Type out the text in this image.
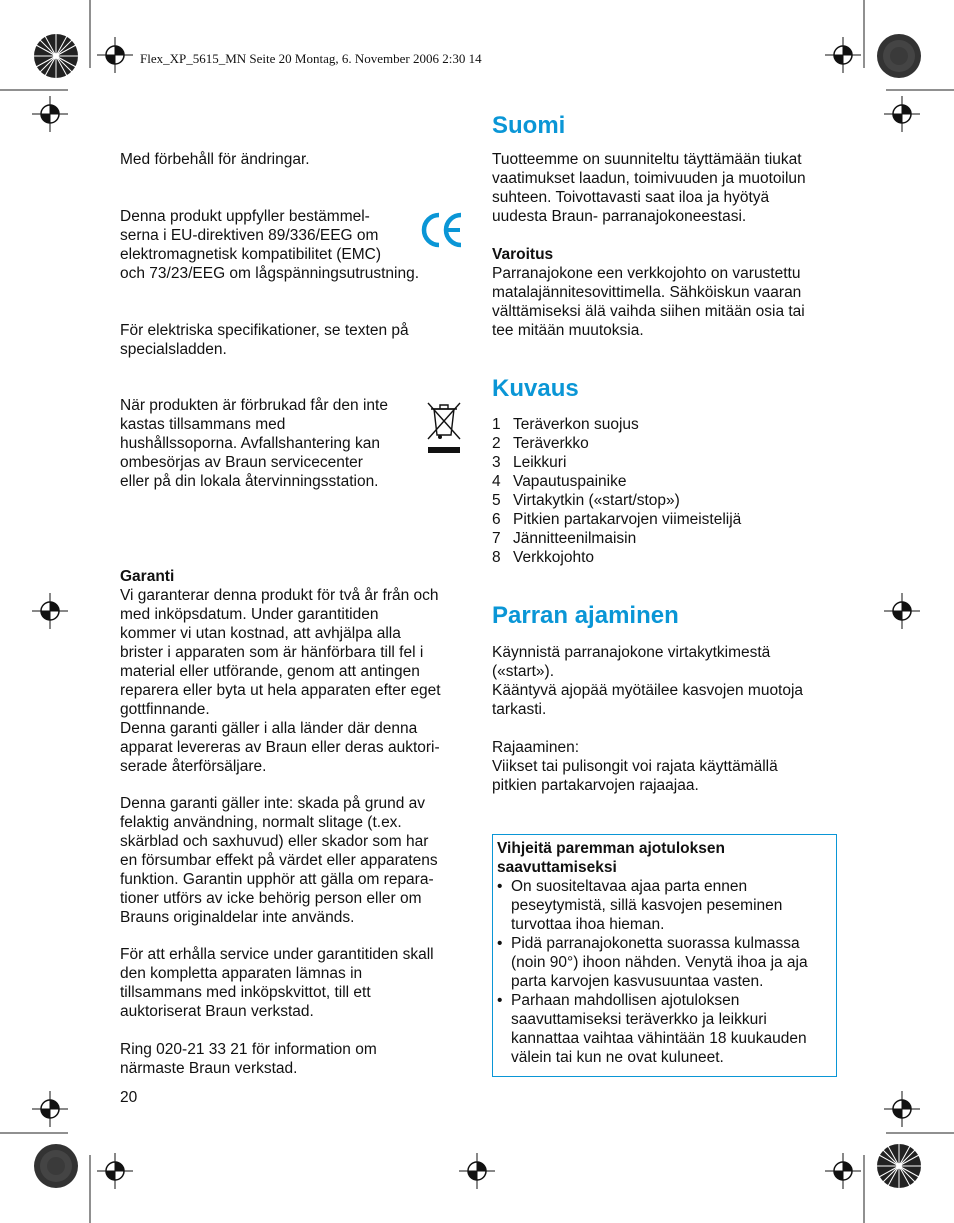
Flex_XP_5615_MN Seite 20 Montag, 6. November 2006 2:30 14

Med förbehåll för ändringar.

Denna produkt uppfyller bestämmel-
serna i EU-direktiven 89/336/EEG om
elektromagnetisk kompatibilitet (EMC)
och 73/23/EEG om lågspänningsutrustning.

För elektriska specifikationer, se texten på
specialsladden.

När produkten är förbrukad får den inte
kastas tillsammans med
hushållssoporna. Avfallshantering kan
ombesörjas av Braun servicecenter
eller på din lokala återvinningsstation.

Garanti

Vi garanterar denna produkt för två år från och
med inköpsdatum. Under garantitiden
kommer vi utan kostnad, att avhjälpa alla
brister i apparaten som är hänförbara till fel i
material eller utförande, genom att antingen
reparera eller byta ut hela apparaten efter eget
gottfinnande.
Denna garanti gäller i alla länder där denna
apparat levereras av Braun eller deras auktori-
serade återförsäljare.

Denna garanti gäller inte: skada på grund av
felaktig användning, normalt slitage (t.ex.
skärblad och saxhuvud) eller skador som har
en försumbar effekt på värdet eller apparatens
funktion. Garantin upphör att gälla om repara-
tioner utförs av icke behörig person eller om
Brauns originaldelar inte används.

För att erhålla service under garantitiden skall
den kompletta apparaten lämnas in
tillsammans med inköpskvittot, till ett
auktoriserat Braun verkstad.

Ring 020-21 33 21 för information om
närmaste Braun verkstad.

20

Suomi

Tuotteemme on suunniteltu täyttämään tiukat
vaatimukset laadun, toimivuuden ja muotoilun
suhteen. Toivottavasti saat iloa ja hyötyä
uudesta Braun- parranajokoneestasi.

Varoitus

Parranajokone een verkkojohto on varustettu
matalajännitesovittimella. Sähköiskun vaaran
välttämiseksi älä vaihda siihen mitään osia tai
tee mitään muutoksia.

Kuvaus
1 Teräverkon suojus
2 Teräverkko
3 Leikkuri
4 Vapautuspainike
5 Virtakytkin («start/stop»)
6 Pitkien partakarvojen viimeistelijä
7 Jännitteenilmaisin
8 Verkkojohto
Parran ajaminen

Käynnistä parranajokone virtakytkimestä
(«start»).
Kääntyvä ajopää myötäilee kasvojen muotoja
tarkasti.

Rajaaminen:
Viikset tai pulisongit voi rajata käyttämällä
pitkien partakarvojen rajaajaa.

Vihjeitä paremman ajotuloksen
saavuttamiseksi

• On suositeltavaa ajaa parta ennen
peseytymistä, sillä kasvojen peseminen
turvottaa ihoa hieman.
• Pidä parranajokonetta suorassa kulmassa
(noin 90°) ihoon nähden. Venytä ihoa ja aja
parta karvojen kasvusuuntaa vasten.
• Parhaan mahdollisen ajotuloksen
saavuttamiseksi teräverkko ja leikkuri
kannattaa vaihtaa vähintään 18 kuukauden
välein tai kun ne ovat kuluneet.
